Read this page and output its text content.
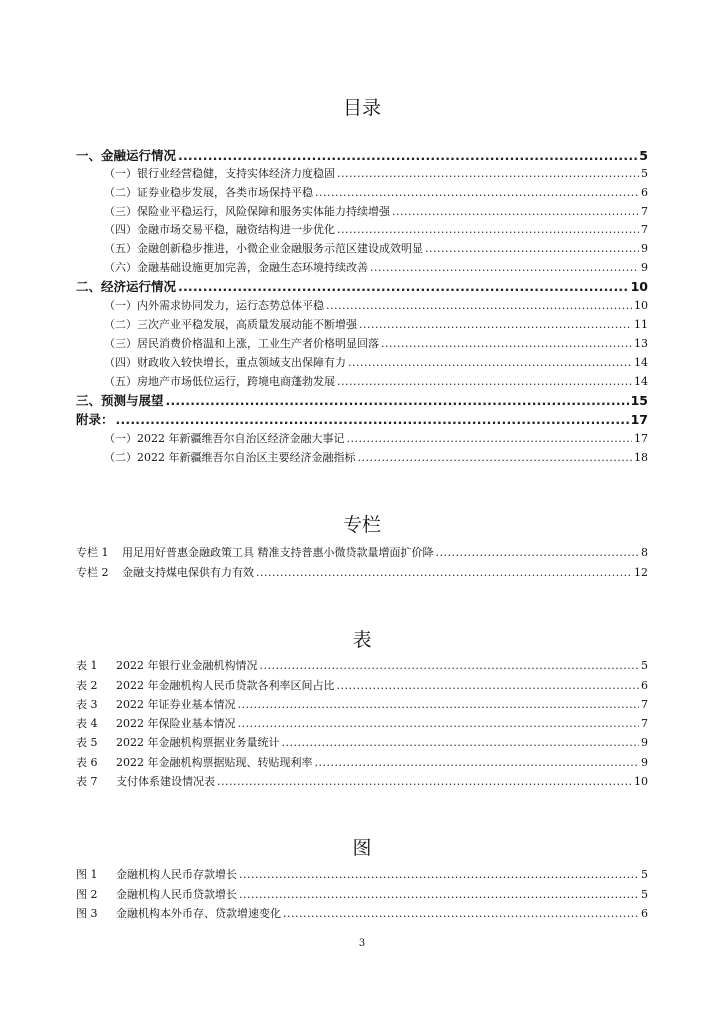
目录
一、金融运行情况 .....	5
（一）银行业经营稳健，支持实体经济力度稳固 .....	5
（二）证券业稳步发展，各类市场保持平稳 .....	6
（三）保险业平稳运行，风险保障和服务实体能力持续增强 .....	7
（四）金融市场交易平稳，融资结构进一步优化 .....	7
（五）金融创新稳步推进，小微企业金融服务示范区建设成效明显 .....	9
（六）金融基础设施更加完善，金融生态环境持续改善 .....	9
二、经济运行情况 .....	10
（一）内外需求协同发力，运行态势总体平稳 .....	10
（二）三次产业平稳发展，高质量发展动能不断增强 .....	11
（三）居民消费价格温和上涨，工业生产者价格明显回落 .....	13
（四）财政收入较快增长，重点领域支出保障有力 .....	14
（五）房地产市场低位运行，跨境电商蓬勃发展 .....	14
三、预测与展望 .....	15
附录： .....	17
（一）2022 年新疆维吾尔自治区经济金融大事记 .....	17
（二）2022 年新疆维吾尔自治区主要经济金融指标 .....	18
专栏
专栏 1	用足用好普惠金融政策工具 精准支持普惠小微贷款量增面扩价降 .....	8
专栏 2	金融支持煤电保供有力有效 .....	12
表
表 1	2022 年银行业金融机构情况 .....	5
表 2	2022 年金融机构人民币贷款各利率区间占比 .....	6
表 3	2022 年证券业基本情况 .....	7
表 4	2022 年保险业基本情况 .....	7
表 5	2022 年金融机构票据业务量统计 .....	9
表 6	2022 年金融机构票据贴现、转贴现利率 .....	9
表 7	支付体系建设情况表 .....	10
图
图 1	金融机构人民币存款增长 .....	5
图 2	金融机构人民币贷款增长 .....	5
图 3	金融机构本外币存、贷款增速变化 .....	6
3
